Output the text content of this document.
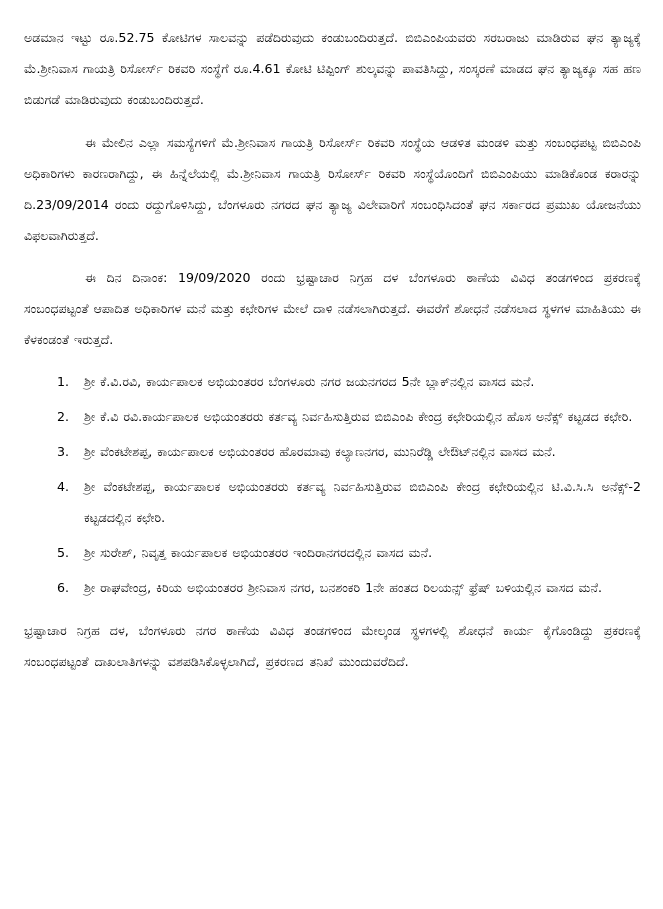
ಅಡಮಾನ ಇಟ್ಟು ರೂ.52.75 ಕೋಟಿಗಳ ಸಾಲವನ್ನು ಪಡೆದಿರುವುದು ಕಂಡುಬಂದಿರುತ್ತದೆ. ಬಿಬಿಎಂಪಿಯವರು ಸರಬರಾಜು ಮಾಡಿರುವ ಘನ ತ್ಯಾಜ್ಯಕ್ಕೆ ಮೆ.ಶ್ರೀನಿವಾಸ ಗಾಯತ್ರಿ ರಿಸೋರ್ಸ್ ರಿಕವರಿ ಸಂಸ್ಥೆಗೆ ರೂ.4.61 ಕೋಟಿ ಟಿಪ್ಪಿಂಗ್ ಶುಲ್ಕವನ್ನು ಪಾವತಿಸಿದ್ದು, ಸಂಸ್ಕರಣೆ ಮಾಡದ ಘನ ತ್ಯಾಜ್ಯಕ್ಕೂ ಸಹ ಹಣ ಬಿಡುಗಡೆ ಮಾಡಿರುವುದು ಕಂಡುಬಂದಿರುತ್ತದೆ.

ಈ ಮೇಲಿನ ಎಲ್ಲಾ ಸಮಸ್ಯೆಗಳಿಗೆ ಮೆ.ಶ್ರೀನಿವಾಸ ಗಾಯತ್ರಿ ರಿಸೋರ್ಸ್ ರಿಕವರಿ ಸಂಸ್ಥೆಯ ಆಡಳಿತ ಮಂಡಳಿ ಮತ್ತು ಸಂಬಂಧಪಟ್ಟ ಬಿಬಿಎಂಪಿ ಅಧಿಕಾರಿಗಳು ಕಾರಣರಾಗಿದ್ದು, ಈ ಹಿನ್ನೆಲೆಯಲ್ಲಿ ಮೆ.ಶ್ರೀನಿವಾಸ ಗಾಯತ್ರಿ ರಿಸೋರ್ಸ್ ರಿಕವರಿ ಸಂಸ್ಥೆಯೊಂದಿಗೆ ಬಿಬಿಎಂಪಿಯು ಮಾಡಿಕೊಂಡ ಕರಾರನ್ನು ದಿ.23/09/2014 ರಂದು ರದ್ದುಗೊಳಿಸಿದ್ದು, ಬೆಂಗಳೂರು ನಗರದ ಘನ ತ್ಯಾಜ್ಯ ವಿಲೇವಾರಿಗೆ ಸಂಬಂಧಿಸಿದಂತೆ ಘನ ಸರ್ಕಾರದ ಪ್ರಮುಖ ಯೋಜನೆಯು ವಿಫಲವಾಗಿರುತ್ತದೆ.

ಈ ದಿನ ದಿನಾಂಕ: 19/09/2020 ರಂದು ಭ್ರಷ್ಟಾಚಾರ ನಿಗ್ರಹ ದಳ ಬೆಂಗಳೂರು ಠಾಣೆಯ ವಿವಿಧ ತಂಡಗಳಿಂದ ಪ್ರಕರಣಕ್ಕೆ ಸಂಬಂಧಪಟ್ಟಂತೆ ಆಪಾದಿತ ಅಧಿಕಾರಿಗಳ ಮನೆ ಮತ್ತು ಕಛೇರಿಗಳ ಮೇಲೆ ದಾಳಿ ನಡೆಸಲಾಗಿರುತ್ತದೆ. ಈವರೆಗೆ ಶೋಧನೆ ನಡೆಸಲಾದ ಸ್ಥಳಗಳ ಮಾಹಿತಿಯು ಈ ಕೆಳಕಂಡಂತೆ ಇರುತ್ತದೆ.

1.	ಶ್ರೀ ಕೆ.ವಿ.ರವಿ, ಕಾರ್ಯಪಾಲಕ ಅಭಿಯಂತರರ ಬೆಂಗಳೂರು ನಗರ ಜಯನಗರದ 5ನೇ ಬ್ಲಾಕ್‌ನಲ್ಲಿನ ವಾಸದ ಮನೆ.
2.	ಶ್ರೀ ಕೆ.ವಿ ರವಿ.ಕಾರ್ಯಪಾಲಕ ಅಭಿಯಂತರರು ಕರ್ತವ್ಯ ನಿರ್ವಹಿಸುತ್ತಿರುವ ಬಿಬಿಎಂಪಿ ಕೇಂದ್ರ ಕಛೇರಿಯಲ್ಲಿನ ಹೊಸ ಅನೆಕ್ಸ್ ಕಟ್ಟಡದ ಕಛೇರಿ.
3.	ಶ್ರೀ ವೆಂಕಟೇಶಪ್ಪ, ಕಾರ್ಯಪಾಲಕ ಅಭಿಯಂತರರ ಹೊರಮಾವು ಕಲ್ಯಾಣನಗರ, ಮುನಿರೆಡ್ಡಿ ಲೇಔಟ್‌ನಲ್ಲಿನ ವಾಸದ ಮನೆ.
4.	ಶ್ರೀ ವೆಂಕಟೇಶಪ್ಪ, ಕಾರ್ಯಪಾಲಕ ಅಭಿಯಂತರರು ಕರ್ತವ್ಯ ನಿರ್ವಹಿಸುತ್ತಿರುವ ಬಿಬಿಎಂಪಿ ಕೇಂದ್ರ ಕಛೇರಿಯಲ್ಲಿನ ಟಿ.ವಿ.ಸಿ.ಸಿ ಅನೆಕ್ಸ್-2 ಕಟ್ಟಡದಲ್ಲಿನ ಕಛೇರಿ.
5.	ಶ್ರೀ ಸುರೇಶ್, ನಿವೃತ್ತ ಕಾರ್ಯಪಾಲಕ ಅಭಿಯಂತರರ ಇಂದಿರಾನಗರದಲ್ಲಿನ ವಾಸದ ಮನೆ.
6.	ಶ್ರೀ ರಾಘವೇಂದ್ರ, ಕಿರಿಯ ಅಭಿಯಂತರರ ಶ್ರೀನಿವಾಸ ನಗರ, ಬನಶಂಕರಿ 1ನೇ ಹಂತದ ರಿಲಯನ್ಸ್ ಫ್ರೆಷ್ ಬಳಿಯಲ್ಲಿನ ವಾಸದ ಮನೆ.

ಭ್ರಷ್ಟಾಚಾರ ನಿಗ್ರಹ ದಳ, ಬೆಂಗಳೂರು ನಗರ ಠಾಣೆಯ ವಿವಿಧ ತಂಡಗಳಿಂದ ಮೇಲ್ಕಂಡ ಸ್ಥಳಗಳಲ್ಲಿ ಶೋಧನೆ ಕಾರ್ಯ ಕೈಗೊಂಡಿದ್ದು ಪ್ರಕರಣಕ್ಕೆ ಸಂಬಂಧಪಟ್ಟಂತೆ ದಾಖಲಾತಿಗಳನ್ನು ವಶಪಡಿಸಿಕೊಳ್ಳಲಾಗಿದೆ, ಪ್ರಕರಣದ ತನಿಖೆ ಮುಂದುವರೆದಿದೆ.
